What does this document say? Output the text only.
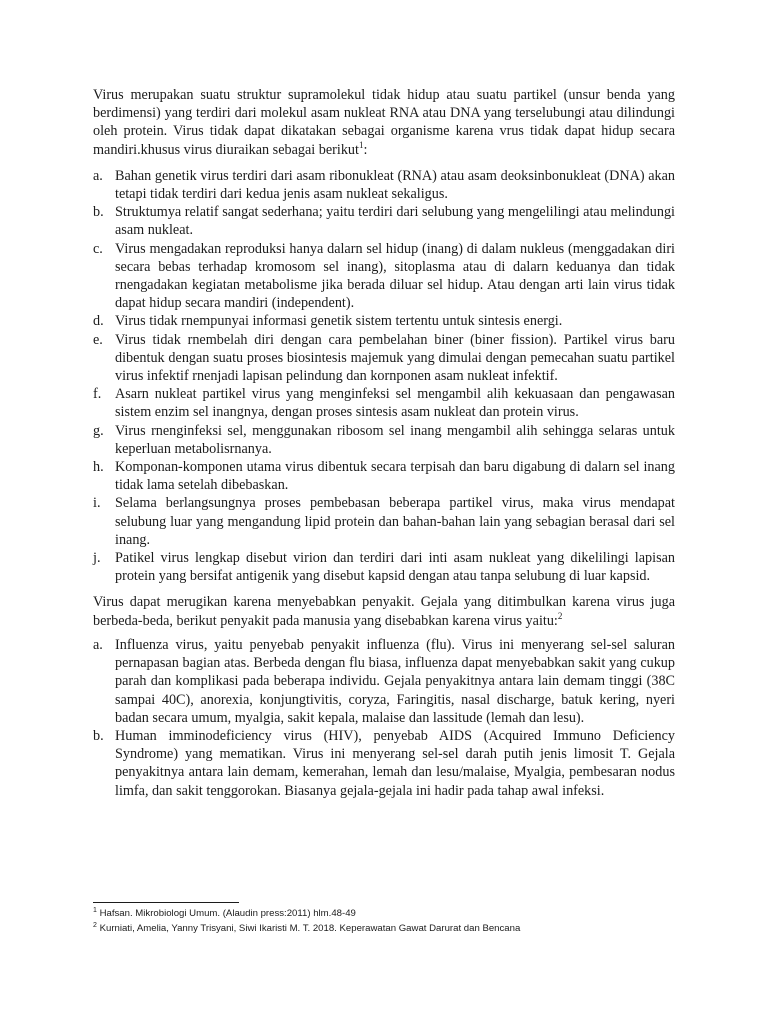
Virus merupakan suatu struktur supramolekul tidak hidup atau suatu partikel (unsur benda yang berdimensi) yang terdiri dari molekul asam nukleat RNA atau DNA yang terselubungi atau dilindungi oleh protein. Virus tidak dapat dikatakan sebagai organisme karena vrus tidak dapat hidup secara mandiri.khusus virus diuraikan sebagai berikut$^1$:

a. Bahan genetik virus terdiri dari asam ribonukleat (RNA) atau asam deoksinbonukleat (DNA) akan tetapi tidak terdiri dari kedua jenis asam nukleat sekaligus.
b. Struktumya relatif sangat sederhana; yaitu terdiri dari selubung yang mengelilingi atau melindungi asam nukleat.
c. Virus mengadakan reproduksi hanya dalarn sel hidup (inang) di dalam nukleus (menggadakan diri secara bebas terhadap kromosom sel inang), sitoplasma atau di dalarn keduanya dan tidak rnengadakan kegiatan metabolisme jika berada diluar sel hidup. Atau dengan arti lain virus tidak dapat hidup secara mandiri (independent).
d. Virus tidak rnempunyai informasi genetik sistem tertentu untuk sintesis energi.
e. Virus tidak rnembelah diri dengan cara pembelahan biner (biner fission). Partikel virus baru dibentuk dengan suatu proses biosintesis majemuk yang dimulai dengan pemecahan suatu partikel virus infektif rnenjadi lapisan pelindung dan kornponen asam nukleat infektif.
f. Asarn nukleat partikel virus yang menginfeksi sel mengambil alih kekuasaan dan pengawasan sistem enzim sel inangnya, dengan proses sintesis asam nukleat dan protein virus.
g. Virus rnenginfeksi sel, menggunakan ribosom sel inang mengambil alih sehingga selaras untuk keperluan metabolisrnanya.
h. Komponan-komponen utama virus dibentuk secara terpisah dan baru digabung di dalarn sel inang tidak lama setelah dibebaskan.
i. Selama berlangsungnya proses pembebasan beberapa partikel virus, maka virus mendapat selubung luar yang mengandung lipid protein dan bahan-bahan lain yang sebagian berasal dari sel inang.
j. Patikel virus lengkap disebut virion dan terdiri dari inti asam nukleat yang dikelilingi lapisan protein yang bersifat antigenik yang disebut kapsid dengan atau tanpa selubung di luar kapsid.

Virus dapat merugikan karena menyebabkan penyakit. Gejala yang ditimbulkan karena virus juga berbeda-beda, berikut penyakit pada manusia yang disebabkan karena virus yaitu:$^2$

a. Influenza virus, yaitu penyebab penyakit influenza (flu). Virus ini menyerang sel-sel saluran pernapasan bagian atas. Berbeda dengan flu biasa, influenza dapat menyebabkan sakit yang cukup parah dan komplikasi pada beberapa individu. Gejala penyakitnya antara lain demam tinggi (38C sampai 40C), anorexia, konjungtivitis, coryza, Faringitis, nasal discharge, batuk kering, nyeri badan secara umum, myalgia, sakit kepala, malaise dan lassitude (lemah dan lesu).
b. Human imminodeficiency virus (HIV), penyebab AIDS (Acquired Immuno Deficiency Syndrome) yang mematikan. Virus ini menyerang sel-sel darah putih jenis limosit T. Gejala penyakitnya antara lain demam, kemerahan, lemah dan lesu/malaise, Myalgia, pembesaran nodus limfa, dan sakit tenggorokan. Biasanya gejala-gejala ini hadir pada tahap awal infeksi.
$^1$ Hafsan. Mikrobiologi Umum. (Alaudin press:2011) hlm.48-49
$^2$ Kurniati, Amelia, Yanny Trisyani, Siwi Ikaristi M. T. 2018. Keperawatan Gawat Darurat dan Bencana
